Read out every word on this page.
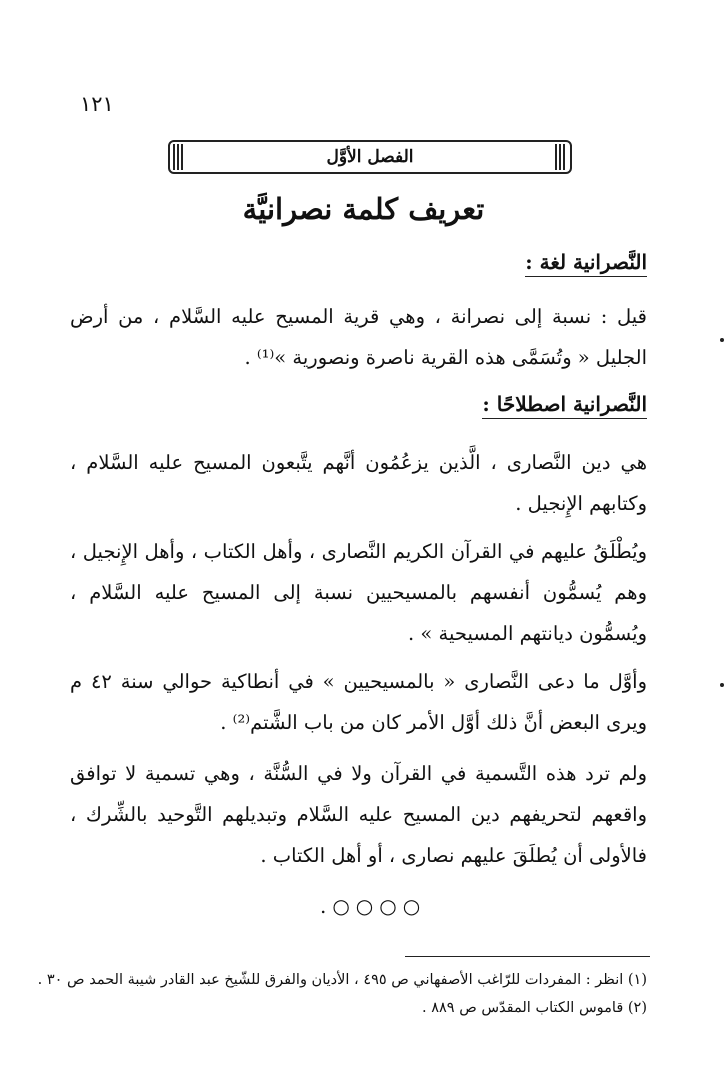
١٢١
الفصل الأوَّل
تعريف كلمة نصرانيَّة
النَّصرانية لغة :

قيل : نسبة إلى نصرانة ، وهي قرية المسيح عليه السَّلام ، من أرض الجليل « وتُسَمَّى هذه القرية ناصرة ونصورية »⁽¹⁾ .

النَّصرانية اصطلاحًا :

هي دين النَّصارى ، الَّذين يزعُمُون أنَّهم يتَّبعون المسيح عليه السَّلام ، وكتابهم الإِنجيل .

ويُطْلَقُ عليهم في القرآن الكريم النَّصارى ، وأهل الكتاب ، وأهل الإِنجيل ، وهم يُسمُّون أنفسهم بالمسيحيين نسبة إلى المسيح عليه السَّلام ، ويُسمُّون ديانتهم المسيحية » .

وأوَّل ما دعى النَّصارى « بالمسيحيين » في أنطاكية حوالي سنة ٤٢ م ويرى البعض أنَّ ذلك أوَّل الأمر كان من باب الشَّتم⁽²⁾ .

ولم ترد هذه التَّسمية في القرآن ولا في السُّنَّة ، وهي تسمية لا توافق واقعهم لتحريفهم دين المسيح عليه السَّلام وتبديلهم التَّوحيد بالشِّرك ، فالأولى أن يُطلَقَ عليهم نصارى ، أو أهل الكتاب .

.○○○○
(١) انظر : المفردات للرّاغب الأصفهاني ص ٤٩٥ ، الأديان والفرق للشّيخ عبد القادر شيبة الحمد ص ٣٠ .
(٢) قاموس الكتاب المقدّس ص ٨٨٩ .
